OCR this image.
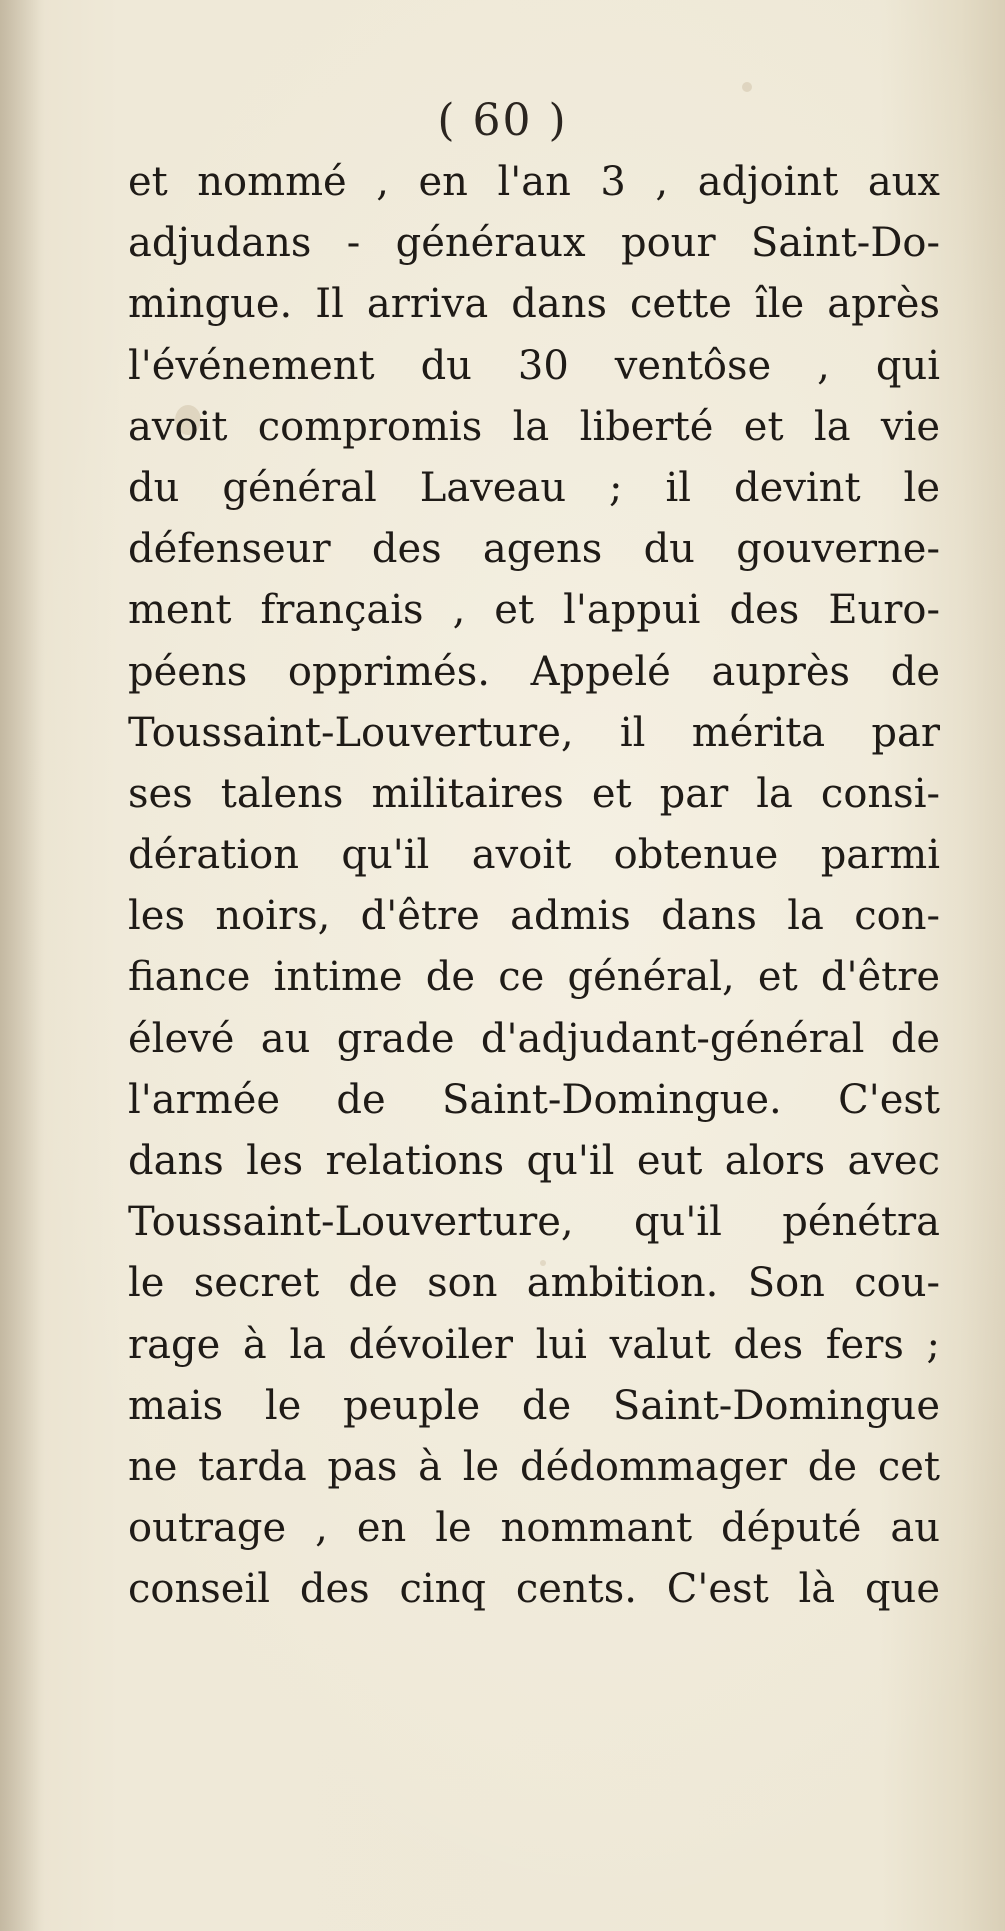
( 60 )
et nommé , en l'an 3 , adjoint aux
adjudans - généraux pour Saint-Do-
mingue. Il arriva dans cette île après
l'événement du 30 ventôse , qui
avoit compromis la liberté et la vie
du général Laveau ; il devint le
défenseur des agens du gouverne-
ment français , et l'appui des Euro-
péens opprimés. Appelé auprès de
Toussaint-Louverture, il mérita par
ses talens militaires et par la consi-
dération qu'il avoit obtenue parmi
les noirs, d'être admis dans la con-
fiance intime de ce général, et d'être
élevé au grade d'adjudant-général de
l'armée de Saint-Domingue. C'est
dans les relations qu'il eut alors avec
Toussaint-Louverture, qu'il pénétra
le secret de son ambition. Son cou-
rage à la dévoiler lui valut des fers ;
mais le peuple de Saint-Domingue
ne tarda pas à le dédommager de cet
outrage , en le nommant député au
conseil des cinq cents. C'est là que
